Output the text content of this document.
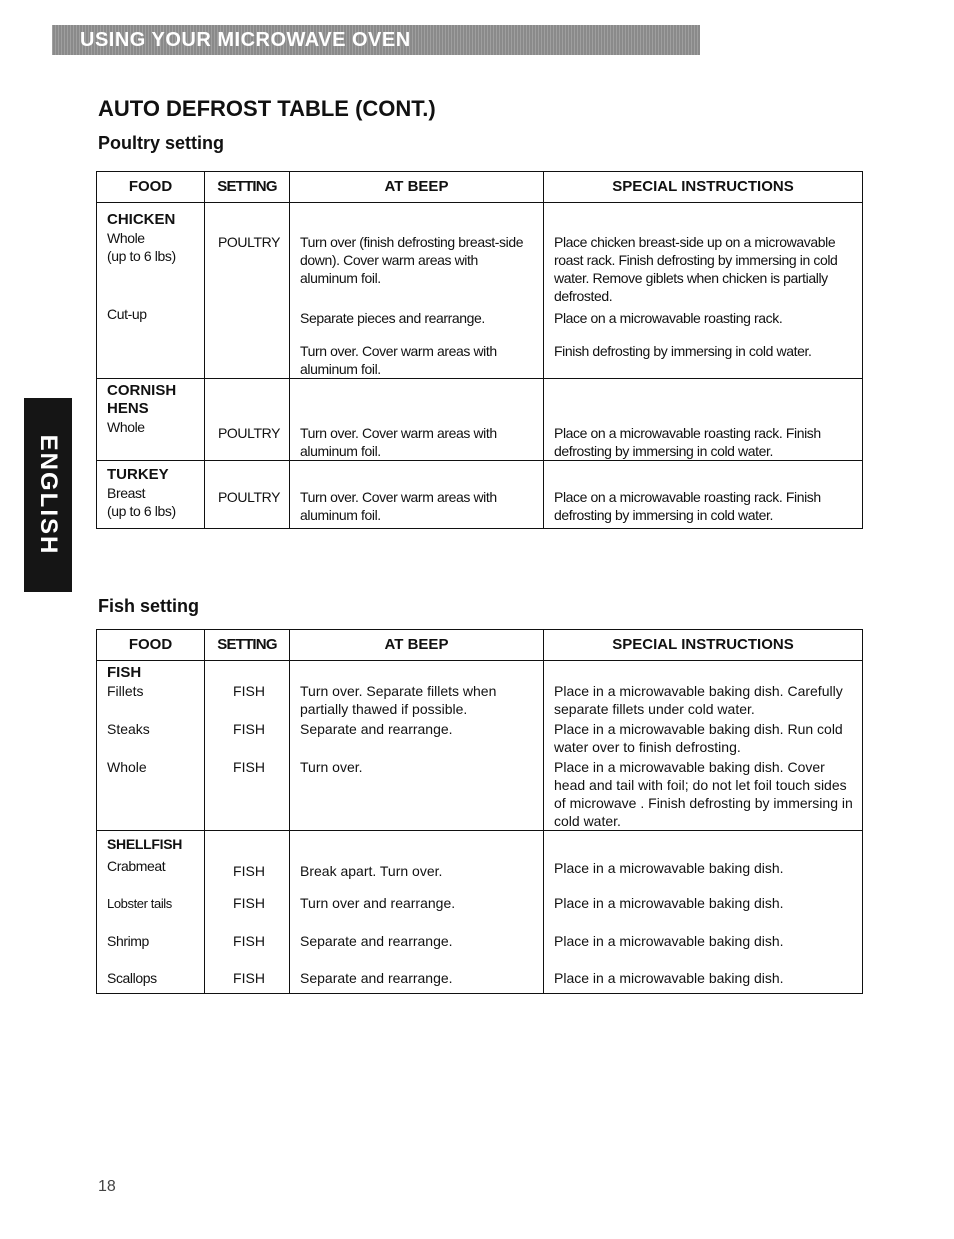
USING YOUR MICROWAVE OVEN
ENGLISH
AUTO DEFROST TABLE (CONT.)
Poultry setting
FOOD	SETTING	AT BEEP	SPECIAL INSTRUCTIONS

CHICKEN
Whole
(up to 6 lbs)	POULTRY	Turn over (finish defrosting breast-side down). Cover warm areas with aluminum foil.	Place chicken breast-side up on a microwavable roast rack. Finish defrosting by immersing in cold water. Remove giblets when chicken is partially defrosted.
Cut-up		Separate pieces and rearrange.	Place on a microwavable roasting rack.
		Turn over. Cover warm areas with aluminum foil.	Finish defrosting by immersing in cold water.

CORNISH HENS
Whole	POULTRY	Turn over. Cover warm areas with aluminum foil.	Place on a microwavable roasting rack. Finish defrosting by immersing in cold water.

TURKEY
Breast
(up to 6 lbs)	POULTRY	Turn over. Cover warm areas with aluminum foil.	Place on a microwavable roasting rack. Finish defrosting by immersing in cold water.
Fish setting
FOOD	SETTING	AT BEEP	SPECIAL INSTRUCTIONS

FISH
Fillets	FISH	Turn over. Separate fillets when partially thawed if possible.	Place in a microwavable baking dish. Carefully separate fillets under cold water.
Steaks	FISH	Separate and rearrange.	Place in a microwavable baking dish. Run cold water over to finish defrosting.
Whole	FISH	Turn over.	Place in a microwavable baking dish. Cover head and tail with foil; do not let foil touch sides of microwave . Finish defrosting by immersing in cold water.

SHELLFISH
Crabmeat	FISH	Break apart. Turn over.	Place in a microwavable baking dish.
Lobster tails	FISH	Turn over and rearrange.	Place in a microwavable baking dish.
Shrimp	FISH	Separate and rearrange.	Place in a microwavable baking dish.
Scallops	FISH	Separate and rearrange.	Place in a microwavable baking dish.
18
